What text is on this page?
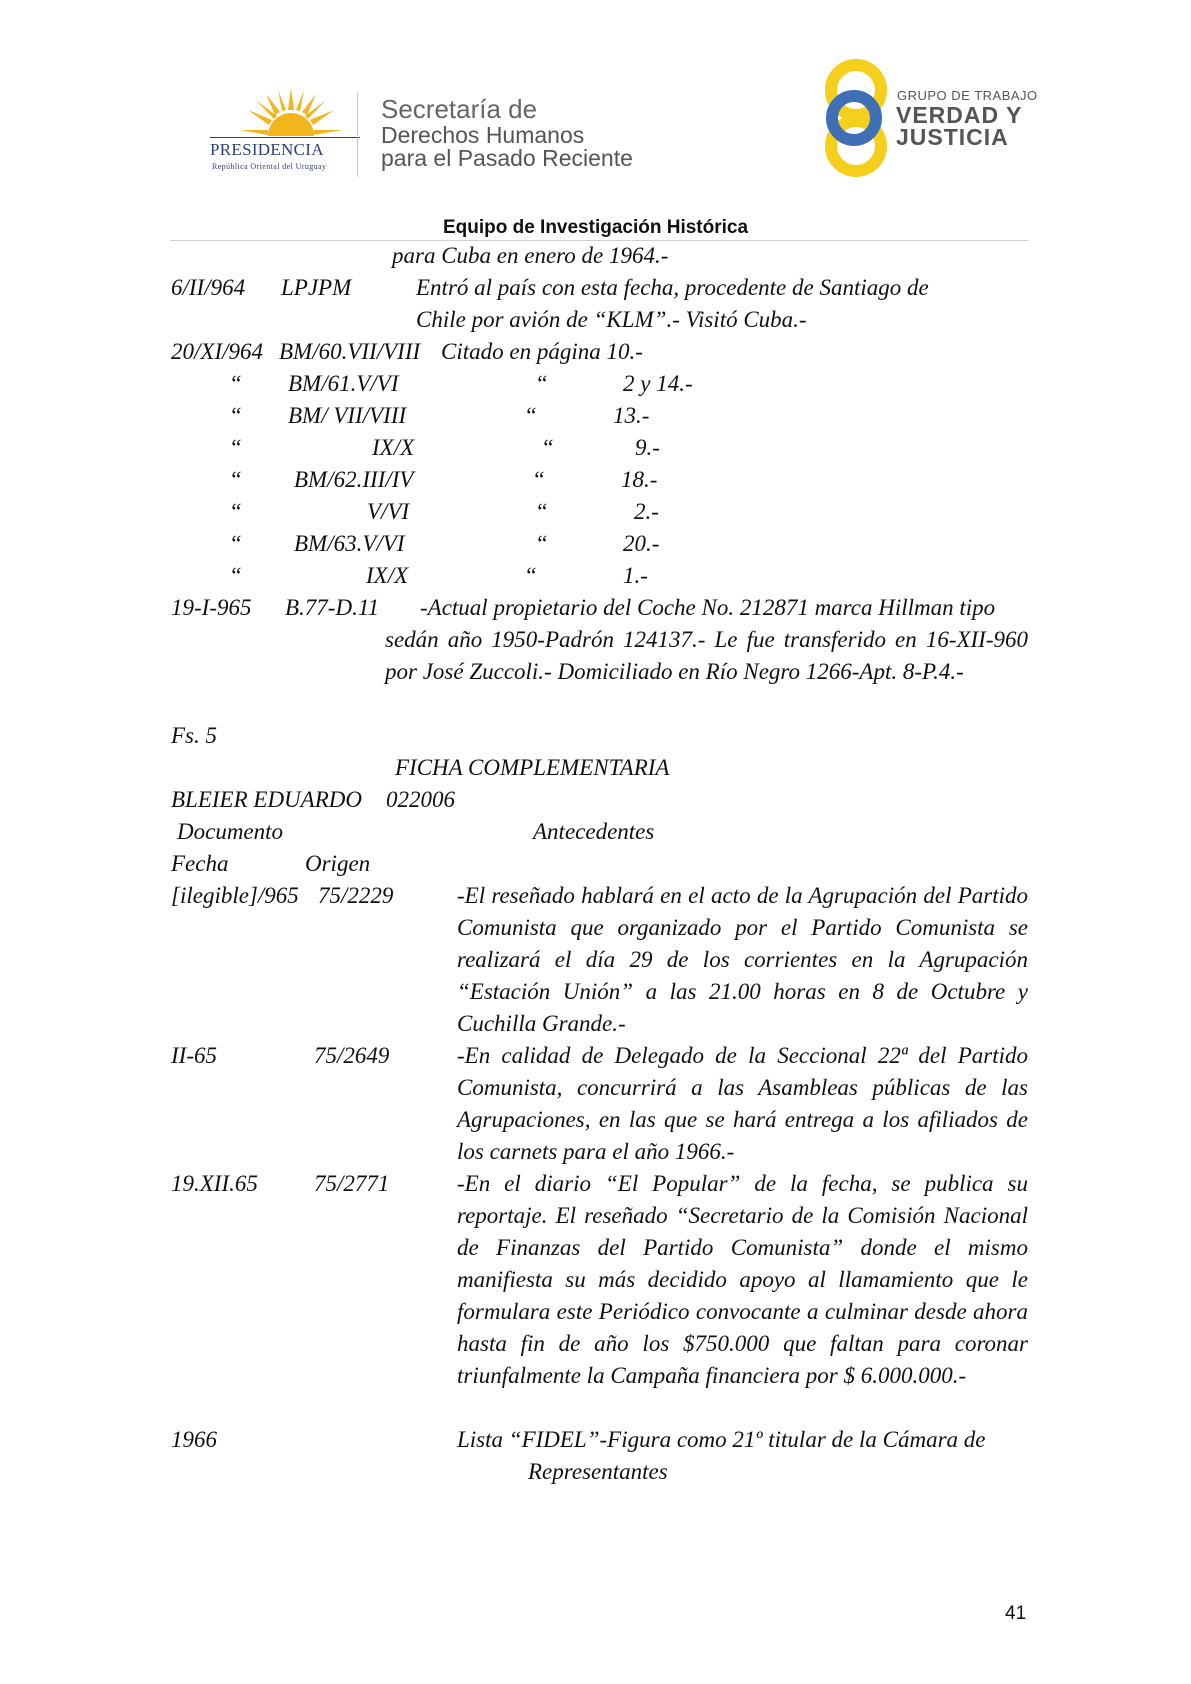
PRESIDENCIA
República Oriental del Uruguay
Secretaría de
Derechos Humanos
para el Pasado Reciente
GRUPO DE TRABAJO
VERDAD Y
JUSTICIA
Equipo de Investigación Histórica
para Cuba en enero de 1964.-
6/II/964 LPJPM	Entró al país con esta fecha, procedente de Santiago de
Chile por avión de “KLM”.- Visitó Cuba.-
20/XI/964 BM/60.VII/VIII Citado en página 10.-
“ BM/61.V/VI	“	2 y 14.-
“ BM/ VII/VIII	“	13.-
“	IX/X	“	9.-
“ BM/62.III/IV	“	18.-
“	V/VI	“	2.-
“ BM/63.V/VI	“	20.-
“	IX/X	“	1.-
19-I-965 B.77-D.11 -Actual propietario del Coche No. 212871 marca Hillman tipo
sedán año 1950-Padrón 124137.- Le fue transferido en 16-XII-960 por José Zuccoli.- Domiciliado en Río Negro 1266-Apt. 8-P.4.-
Fs. 5
FICHA COMPLEMENTARIA
BLEIER EDUARDO 022006
Documento	Antecedentes
Fecha	Origen
[ilegible]/965 75/2229	-El reseñado hablará en el acto de la Agrupación del Partido Comunista que organizado por el Partido Comunista se realizará el día 29 de los corrientes en la Agrupación “Estación Unión” a las 21.00 horas en 8 de Octubre y Cuchilla Grande.-
II-65	75/2649	-En calidad de Delegado de la Seccional 22ª del Partido Comunista, concurrirá a las Asambleas públicas de las Agrupaciones, en las que se hará entrega a los afiliados de los carnets para el año 1966.-
19.XII.65 75/2771	-En el diario “El Popular” de la fecha, se publica su reportaje. El reseñado “Secretario de la Comisión Nacional de Finanzas del Partido Comunista” donde el mismo manifiesta su más decidido apoyo al llamamiento que le formulara este Periódico convocante a culminar desde ahora hasta fin de año los $750.000 que faltan para coronar triunfalmente la Campaña financiera por $ 6.000.000.-
1966	Lista “FIDEL”-Figura como 21º titular de la Cámara de
Representantes
41
